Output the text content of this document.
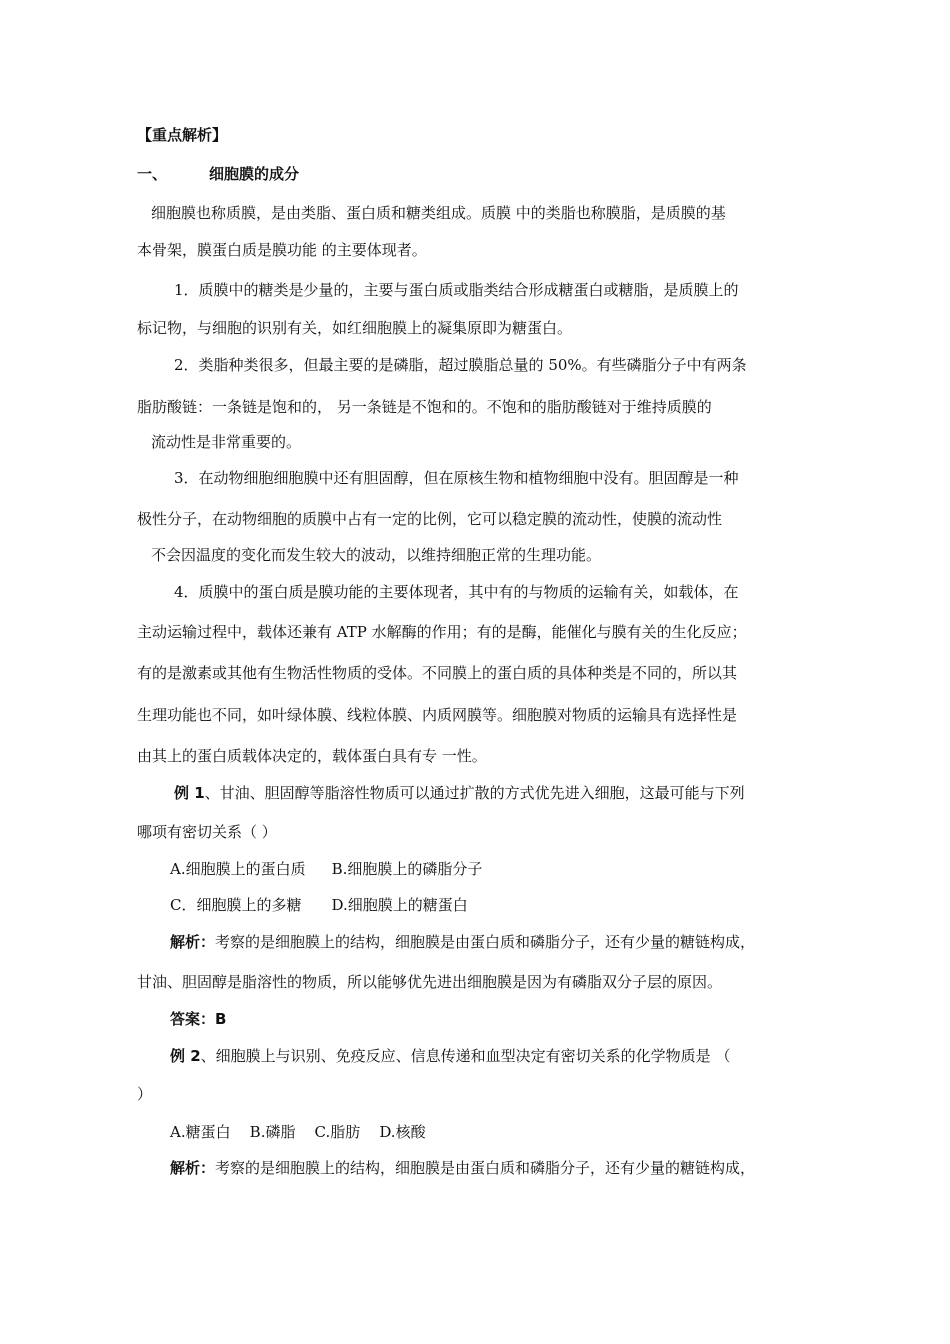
【重点解析】
一、	细胞膜的成分
细胞膜也称质膜，是由类脂、蛋白质和糖类组成。质膜 中的类脂也称膜脂，是质膜的基
本骨架，膜蛋白质是膜功能 的主要体现者。
1．质膜中的糖类是少量的，主要与蛋白质或脂类结合形成糖蛋白或糖脂，是质膜上的
标记物，与细胞的识别有关，如红细胞膜上的凝集原即为糖蛋白。
2．类脂种类很多，但最主要的是磷脂，超过膜脂总量的 50%。有些磷脂分子中有两条
脂肪酸链：一条链是饱和的， 另一条链是不饱和的。不饱和的脂肪酸链对于维持质膜的
流动性是非常重要的。
3．在动物细胞细胞膜中还有胆固醇，但在原核生物和植物细胞中没有。胆固醇是一种
极性分子，在动物细胞的质膜中占有一定的比例，它可以稳定膜的流动性，使膜的流动性
不会因温度的变化而发生较大的波动，以维持细胞正常的生理功能。
4．质膜中的蛋白质是膜功能的主要体现者，其中有的与物质的运输有关，如载体，在
主动运输过程中，载体还兼有 ATP 水解酶的作用；有的是酶，能催化与膜有关的生化反应；
有的是激素或其他有生物活性物质的受体。不同膜上的蛋白质的具体种类是不同的，所以其
生理功能也不同，如叶绿体膜、线粒体膜、内质网膜等。细胞膜对物质的运输具有选择性是
由其上的蛋白质载体决定的，载体蛋白具有专 一性。
例 1、甘油、胆固醇等脂溶性物质可以通过扩散的方式优先进入细胞，这最可能与下列
哪项有密切关系（ ）
A.细胞膜上的蛋白质 B.细胞膜上的磷脂分子
C．细胞膜上的多糖 D.细胞膜上的糖蛋白
解析：考察的是细胞膜上的结构，细胞膜是由蛋白质和磷脂分子，还有少量的糖链构成，
甘油、胆固醇是脂溶性的物质，所以能够优先进出细胞膜是因为有磷脂双分子层的原因。
答案：B
例 2、细胞膜上与识别、免疫反应、信息传递和血型决定有密切关系的化学物质是 （
）
A.糖蛋白    B.磷脂    C.脂肪    D.核酸
解析：考察的是细胞膜上的结构，细胞膜是由蛋白质和磷脂分子，还有少量的糖链构成，
